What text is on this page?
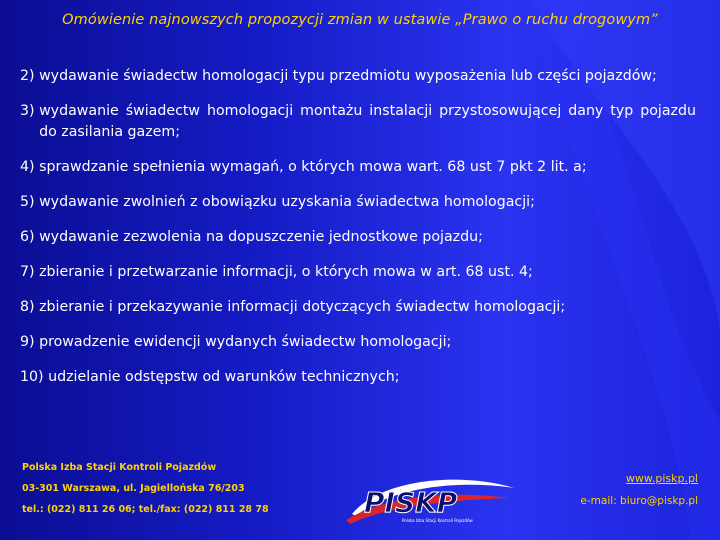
Omówienie najnowszych propozycji zmian w ustawie „Prawo o ruchu drogowym”
2) wydawanie świadectw homologacji typu przedmiotu wyposażenia lub części pojazdów;
3) wydawanie świadectw homologacji montażu instalacji przystosowującej dany typ pojazdu do zasilania gazem;
4) sprawdzanie spełnienia wymagań, o których mowa wart. 68 ust 7 pkt 2 lit. a;
5) wydawanie zwolnień z obowiązku uzyskania świadectwa homologacji;
6) wydawanie zezwolenia na dopuszczenie jednostkowe pojazdu;
7) zbieranie i przetwarzanie informacji, o których mowa w art. 68 ust. 4;
8) zbieranie i przekazywanie informacji dotyczących świadectw homologacji;
9) prowadzenie ewidencji wydanych świadectw homologacji;
10) udzielanie odstępstw od warunków technicznych;
Polska Izba Stacji Kontroli Pojazdów
03-301 Warszawa, ul. Jagiellońska 76/203
tel.: (022) 811 26 06; tel./fax: (022) 811 28 78	PISKP
Polska Izba Stacji Kontroli Pojazdów
www.piskp.pl
e-mail: biuro@piskp.pl
